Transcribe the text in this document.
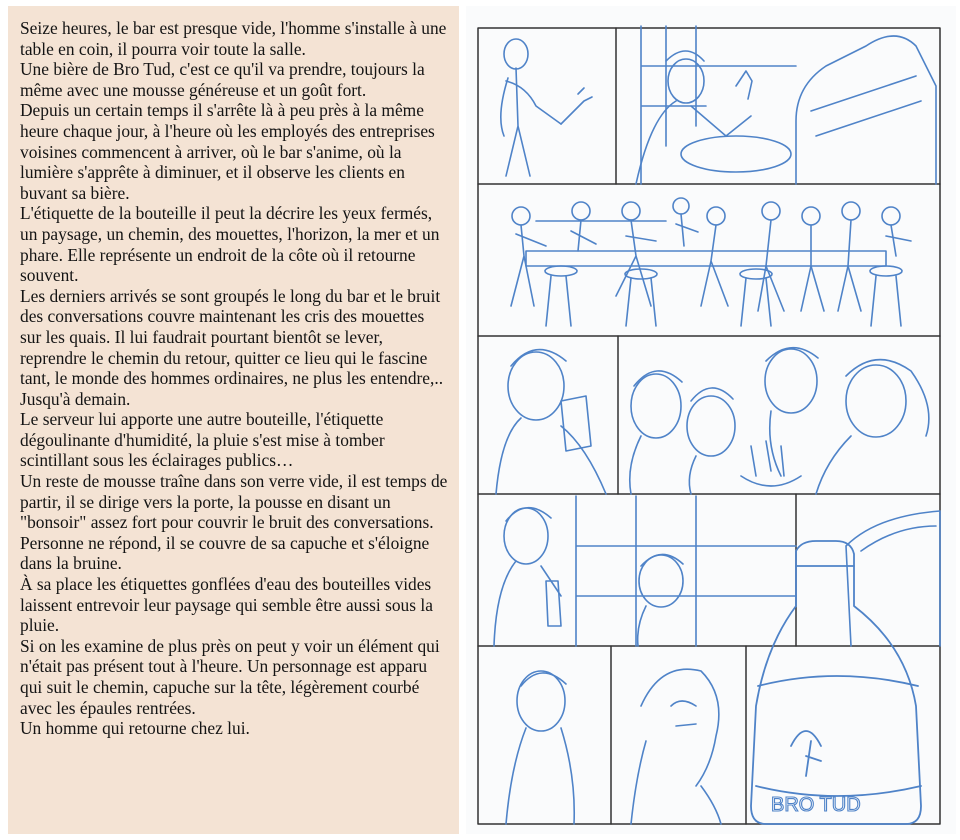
Seize heures, le bar est presque vide, l'homme s'installe à une table en coin, il pourra voir toute la salle.

Une bière de Bro Tud, c'est ce qu'il va prendre, toujours la même avec une mousse généreuse et un goût fort.

Depuis un certain temps il s'arrête là à peu près à la même heure chaque jour, à l'heure où les employés des entreprises voisines commencent à arriver, où le bar s'anime, où la lumière s'apprête à diminuer, et il observe les clients en buvant sa bière.

L'étiquette de la bouteille il peut la décrire les yeux fermés, un paysage, un chemin, des mouettes, l'horizon, la mer et un phare. Elle représente un endroit de la côte où il retourne souvent.

Les derniers arrivés se sont groupés le long du bar et le bruit des conversations couvre maintenant les cris des mouettes sur les quais. Il lui faudrait pourtant bientôt se lever, reprendre le chemin du retour, quitter ce lieu qui le fascine tant, le monde des hommes ordinaires, ne plus les entendre,.. Jusqu'à demain.

Le serveur lui apporte une autre bouteille, l'étiquette dégoulinante d'humidité, la pluie s'est mise à tomber scintillant sous les éclairages publics…

Un reste de mousse traîne dans son verre vide, il est temps de partir, il se dirige vers la porte, la pousse en disant un "bonsoir" assez fort pour couvrir le bruit des conversations. Personne ne répond, il se couvre de sa capuche et s'éloigne dans la bruine.

À sa place les étiquettes gonflées d'eau des bouteilles vides laissent entrevoir leur paysage qui semble être aussi sous la pluie.

Si on les examine de plus près on peut y voir un élément qui n'était pas présent tout à l'heure. Un personnage est apparu qui suit le chemin, capuche sur la tête, légèrement courbé avec les épaules rentrées.

Un homme qui retourne chez lui.

BRO TUD
